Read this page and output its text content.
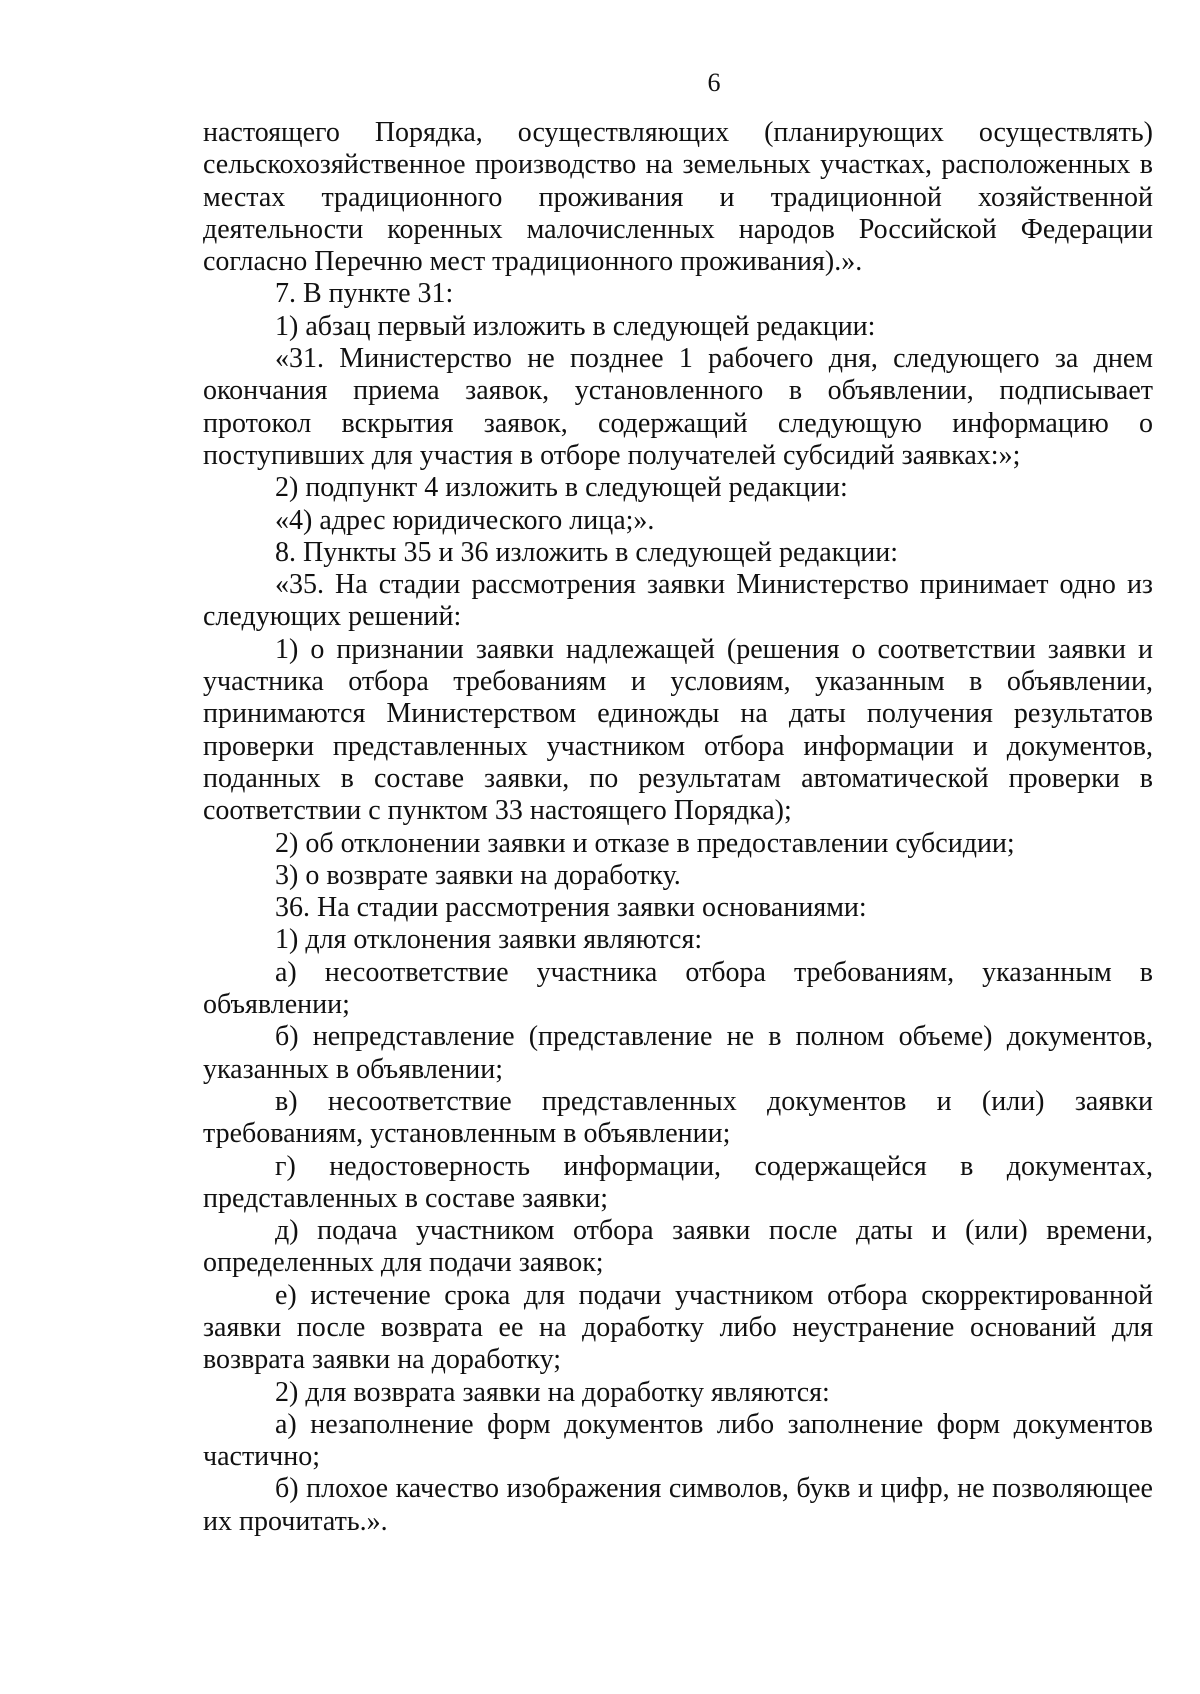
6

настоящего Порядка, осуществляющих (планирующих осуществлять) сельскохозяйственное производство на земельных участках, расположенных в местах традиционного проживания и традиционной хозяйственной деятельности коренных малочисленных народов Российской Федерации согласно Перечню мест традиционного проживания).».

7. В пункте 31:

1) абзац первый изложить в следующей редакции:

«31. Министерство не позднее 1 рабочего дня, следующего за днем окончания приема заявок, установленного в объявлении, подписывает протокол вскрытия заявок, содержащий следующую информацию о поступивших для участия в отборе получателей субсидий заявках:»;

2) подпункт 4 изложить в следующей редакции:

«4) адрес юридического лица;».

8. Пункты 35 и 36 изложить в следующей редакции:

«35. На стадии рассмотрения заявки Министерство принимает одно из следующих решений:

1) о признании заявки надлежащей (решения о соответствии заявки и участника отбора требованиям и условиям, указанным в объявлении, принимаются Министерством единожды на даты получения результатов проверки представленных участником отбора информации и документов, поданных в составе заявки, по результатам автоматической проверки в соответствии с пунктом 33 настоящего Порядка);

2) об отклонении заявки и отказе в предоставлении субсидии;

3) о возврате заявки на доработку.

36. На стадии рассмотрения заявки основаниями:

1) для отклонения заявки являются:

а) несоответствие участника отбора требованиям, указанным в объявлении;

б) непредставление (представление не в полном объеме) документов, указанных в объявлении;

в) несоответствие представленных документов и (или) заявки требованиям, установленным в объявлении;

г) недостоверность информации, содержащейся в документах, представленных в составе заявки;

д) подача участником отбора заявки после даты и (или) времени, определенных для подачи заявок;

е) истечение срока для подачи участником отбора скорректированной заявки после возврата ее на доработку либо неустранение оснований для возврата заявки на доработку;

2) для возврата заявки на доработку являются:

а) незаполнение форм документов либо заполнение форм документов частично;

б) плохое качество изображения символов, букв и цифр, не позволяющее их прочитать.».
